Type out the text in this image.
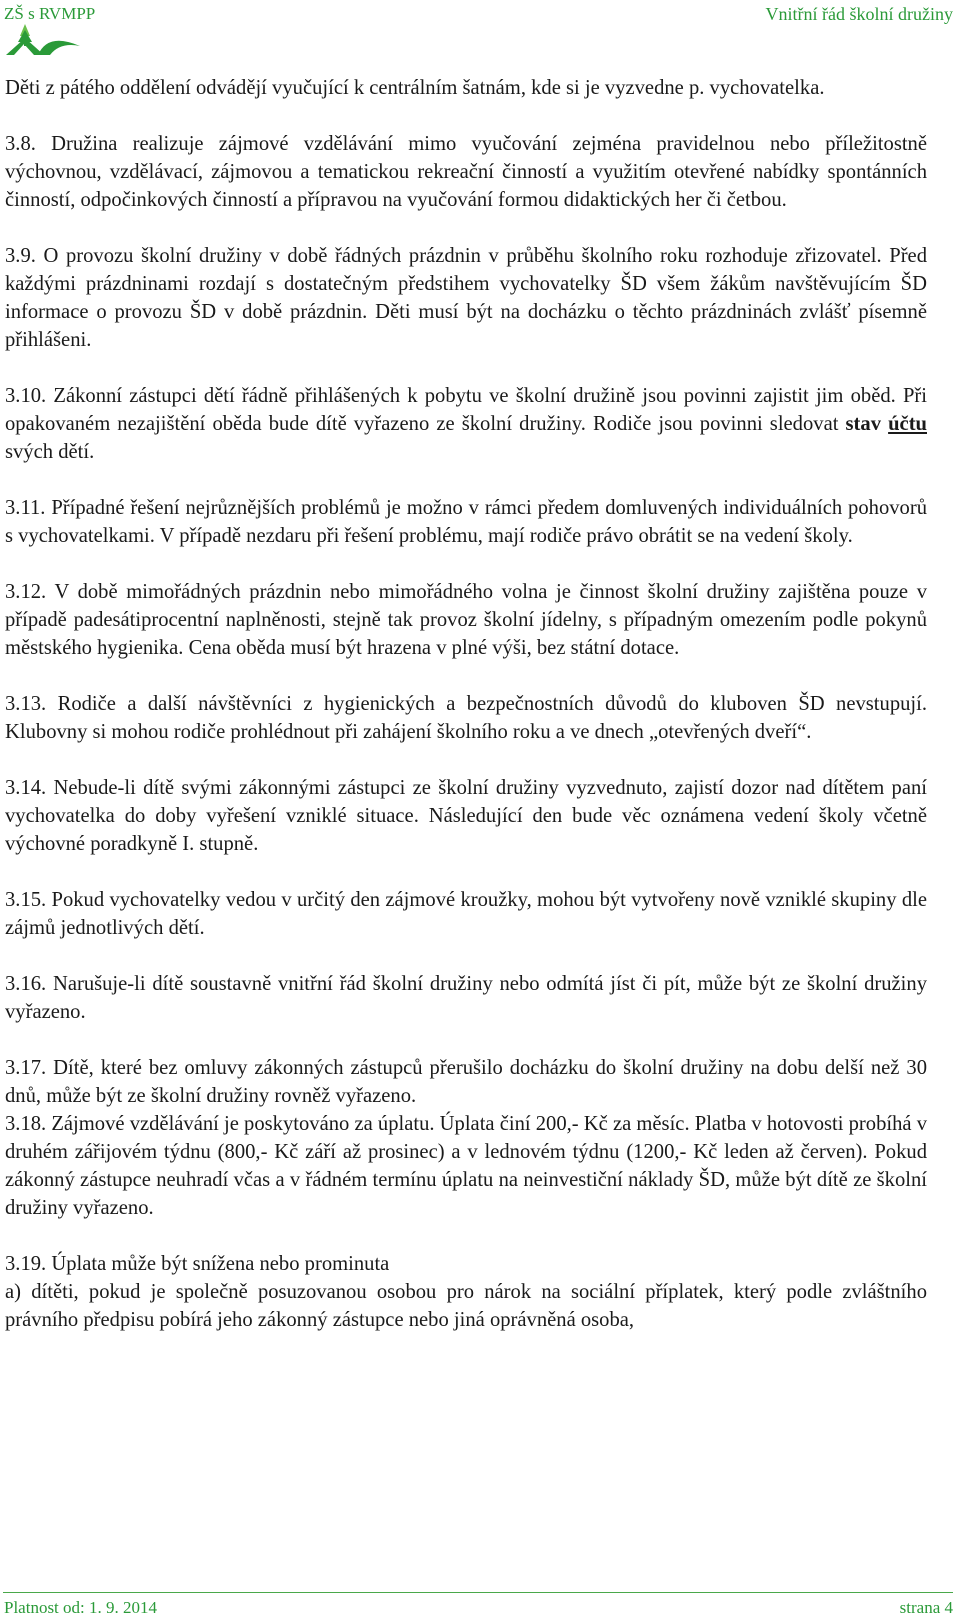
ZŠ s RVMPP	Vnitřní řád školní družiny

Děti z pátého oddělení odvádějí vyučující k centrálním šatnám, kde si je vyzvedne p. vychovatelka.

3.8. Družina realizuje zájmové vzdělávání mimo vyučování zejména pravidelnou nebo příležitostně výchovnou, vzdělávací, zájmovou a tematickou rekreační činností a využitím otevřené nabídky spontánních činností, odpočinkových činností a přípravou na vyučování formou didaktických her či četbou.

3.9. O provozu školní družiny v době řádných prázdnin v průběhu školního roku rozhoduje zřizovatel. Před každými prázdninami rozdají s dostatečným předstihem vychovatelky ŠD všem žákům navštěvujícím ŠD informace o provozu ŠD v době prázdnin. Děti musí být na docházku o těchto prázdninách zvlášť písemně přihlášeni.

3.10. Zákonní zástupci dětí řádně přihlášených k pobytu ve školní družině jsou povinni zajistit jim oběd. Při opakovaném nezajištění oběda bude dítě vyřazeno ze školní družiny. Rodiče jsou povinni sledovat stav účtu svých dětí.

3.11. Případné řešení nejrůznějších problémů je možno v rámci předem domluvených individuálních pohovorů s vychovatelkami. V případě nezdaru při řešení problému, mají rodiče právo obrátit se na vedení školy.

3.12. V době mimořádných prázdnin nebo mimořádného volna je činnost školní družiny zajištěna pouze v případě padesátiprocentní naplněnosti, stejně tak provoz školní jídelny, s případným omezením podle pokynů městského hygienika. Cena oběda musí být hrazena v plné výši, bez státní dotace.

3.13. Rodiče a další návštěvníci z hygienických a bezpečnostních důvodů do kluboven ŠD nevstupují. Klubovny si mohou rodiče prohlédnout při zahájení školního roku a ve dnech „otevřených dveří“.

3.14. Nebude-li dítě svými zákonnými zástupci ze školní družiny vyzvednuto, zajistí dozor nad dítětem paní vychovatelka do doby vyřešení vzniklé situace. Následující den bude věc oznámena vedení školy včetně výchovné poradkyně I. stupně.

3.15. Pokud vychovatelky vedou v určitý den zájmové kroužky, mohou být vytvořeny nově vzniklé skupiny dle zájmů jednotlivých dětí.

3.16. Narušuje-li dítě soustavně vnitřní řád školní družiny nebo odmítá jíst či pít, může být ze školní družiny vyřazeno.

3.17. Dítě, které bez omluvy zákonných zástupců přerušilo docházku do školní družiny na dobu delší než 30 dnů, může být ze školní družiny rovněž vyřazeno.

3.18. Zájmové vzdělávání je poskytováno za úplatu. Úplata činí 200,- Kč za měsíc. Platba v hotovosti probíhá v druhém zářijovém týdnu (800,- Kč září až prosinec) a v lednovém týdnu (1200,- Kč leden až červen). Pokud zákonný zástupce neuhradí včas a v řádném termínu úplatu na neinvestiční náklady ŠD, může být dítě ze školní družiny vyřazeno.

3.19. Úplata může být snížena nebo prominuta

a) dítěti, pokud je společně posuzovanou osobou pro nárok na sociální příplatek, který podle zvláštního právního předpisu pobírá jeho zákonný zástupce nebo jiná oprávněná osoba,

Platnost od: 1. 9. 2014	strana 4
